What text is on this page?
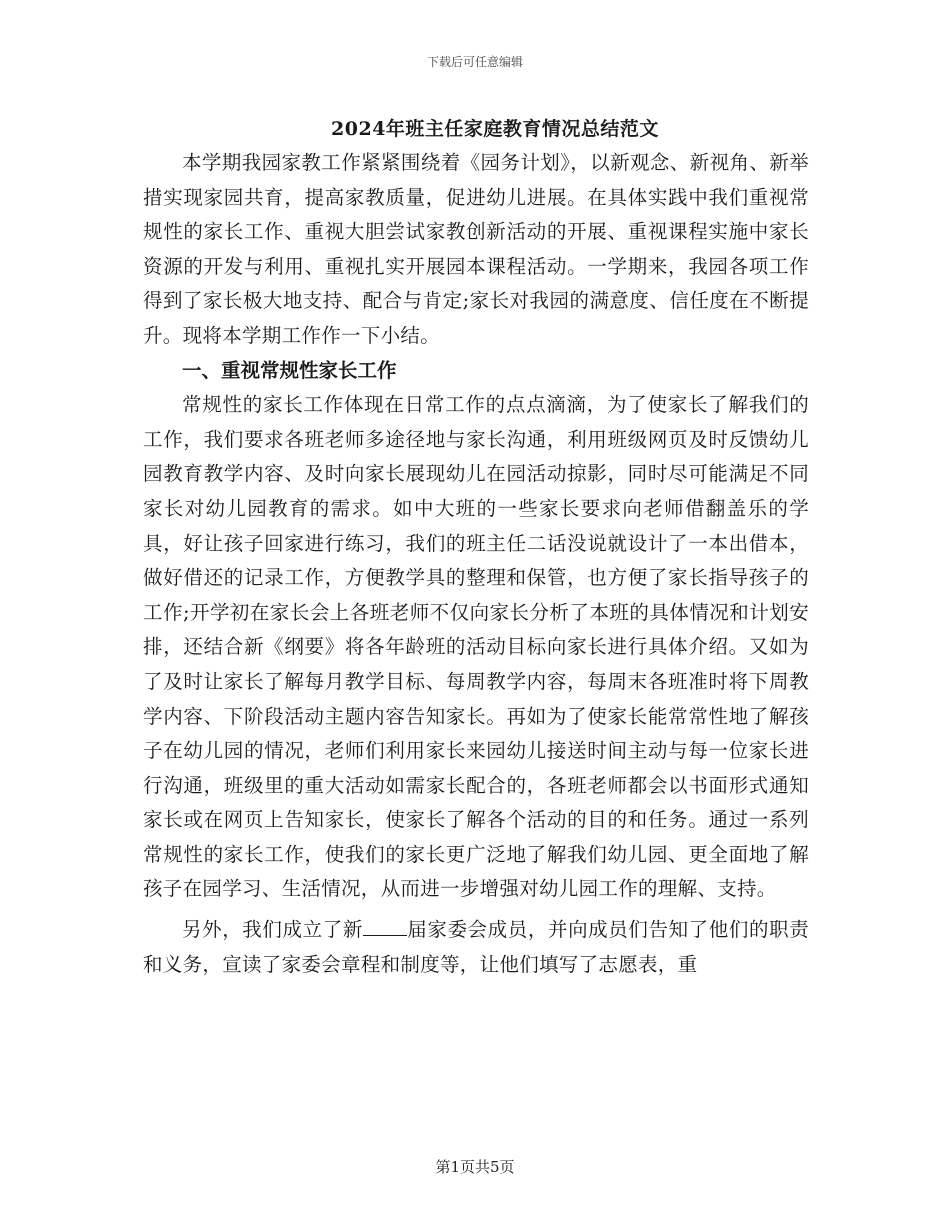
下载后可任意编辑
2024年班主任家庭教育情况总结范文

本学期我园家教工作紧紧围绕着《园务计划》，以新观念、新视角、新举措实现家园共育，提高家教质量，促进幼儿进展。在具体实践中我们重视常规性的家长工作、重视大胆尝试家教创新活动的开展、重视课程实施中家长资源的开发与利用、重视扎实开展园本课程活动。一学期来，我园各项工作得到了家长极大地支持、配合与肯定;家长对我园的满意度、信任度在不断提升。现将本学期工作作一下小结。

一、重视常规性家长工作

常规性的家长工作体现在日常工作的点点滴滴，为了使家长了解我们的工作，我们要求各班老师多途径地与家长沟通，利用班级网页及时反馈幼儿园教育教学内容、及时向家长展现幼儿在园活动掠影，同时尽可能满足不同家长对幼儿园教育的需求。如中大班的一些家长要求向老师借翻盖乐的学具，好让孩子回家进行练习，我们的班主任二话没说就设计了一本出借本，做好借还的记录工作，方便教学具的整理和保管，也方便了家长指导孩子的工作;开学初在家长会上各班老师不仅向家长分析了本班的具体情况和计划安排，还结合新《纲要》将各年龄班的活动目标向家长进行具体介绍。又如为了及时让家长了解每月教学目标、每周教学内容，每周末各班准时将下周教学内容、下阶段活动主题内容告知家长。再如为了使家长能常常性地了解孩子在幼儿园的情况，老师们利用家长来园幼儿接送时间主动与每一位家长进行沟通，班级里的重大活动如需家长配合的，各班老师都会以书面形式通知家长或在网页上告知家长，使家长了解各个活动的目的和任务。通过一系列常规性的家长工作，使我们的家长更广泛地了解我们幼儿园、更全面地了解孩子在园学习、生活情况，从而进一步增强对幼儿园工作的理解、支持。

另外，我们成立了新 届家委会成员，并向成员们告知了他们的职责和义务，宣读了家委会章程和制度等，让他们填写了志愿表，重

第1页共5页
